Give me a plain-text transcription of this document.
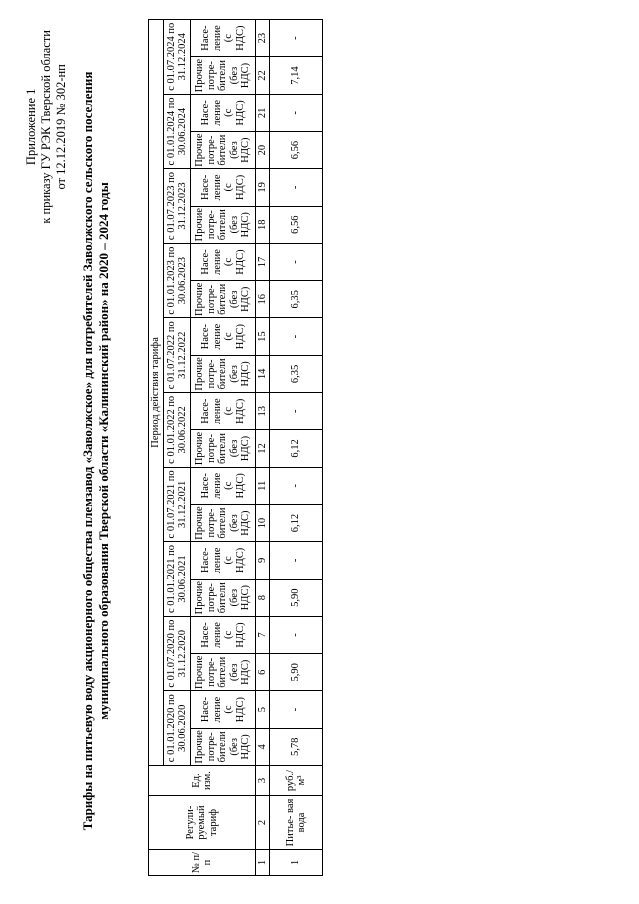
Приложение 1 к приказу ГУ РЭК Тверской области от 12.12.2019 № 302-нп Тарифы на питьевую воду акционерного общества племзавод «Заволжское» для потребителей Заволжского сельского поселения муниципального образования Тверской области «Калининский район» на 2020 – 2024 годы
№ п/п	Регули- руемый тариф	Ед. изм.	Период действия тарифа																			
			с 01.01.2020 по 30.06.2020		с 01.07.2020 по 31.12.2020		с 01.01.2021 по 30.06.2021		с 01.07.2021 по 31.12.2021		с 01.01.2022 по 30.06.2022		с 01.07.2022 по 31.12.2022		с 01.01.2023 по 30.06.2023		с 01.07.2023 по 31.12.2023		с 01.01.2024 по 30.06.2024		с 01.07.2024 по 31.12.2024	
			Прочие потре- бители (без НДС)	Насе- ление (с НДС)	Прочие потре- бители (без НДС)	Насе- ление (с НДС)	Прочие потре- бители (без НДС)	Насе- ление (с НДС)	Прочие потре- бители (без НДС)	Насе- ление (с НДС)	Прочие потре- бители (без НДС)	Насе- ление (с НДС)	Прочие потре- бители (без НДС)	Насе- ление (с НДС)	Прочие потре- бители (без НДС)	Насе- ление (с НДС)	Прочие потре- бители (без НДС)	Насе- ление (с НДС)	Прочие потре- бители (без НДС)	Насе- ление (с НДС)	Прочие потре- бители (без НДС)	Насе- ление (с НДС)
1	2	3	4	5	6	7	8	9	10	11	12	13	14	15	16	17	18	19	20	21	22	23
1	Питье- вая вода	руб./м³	5,78	-	5,90	-	5,90	-	6,12	-	6,12	-	6,35	-	6,35	-	6,56	-	6,56	-	7,14	-
